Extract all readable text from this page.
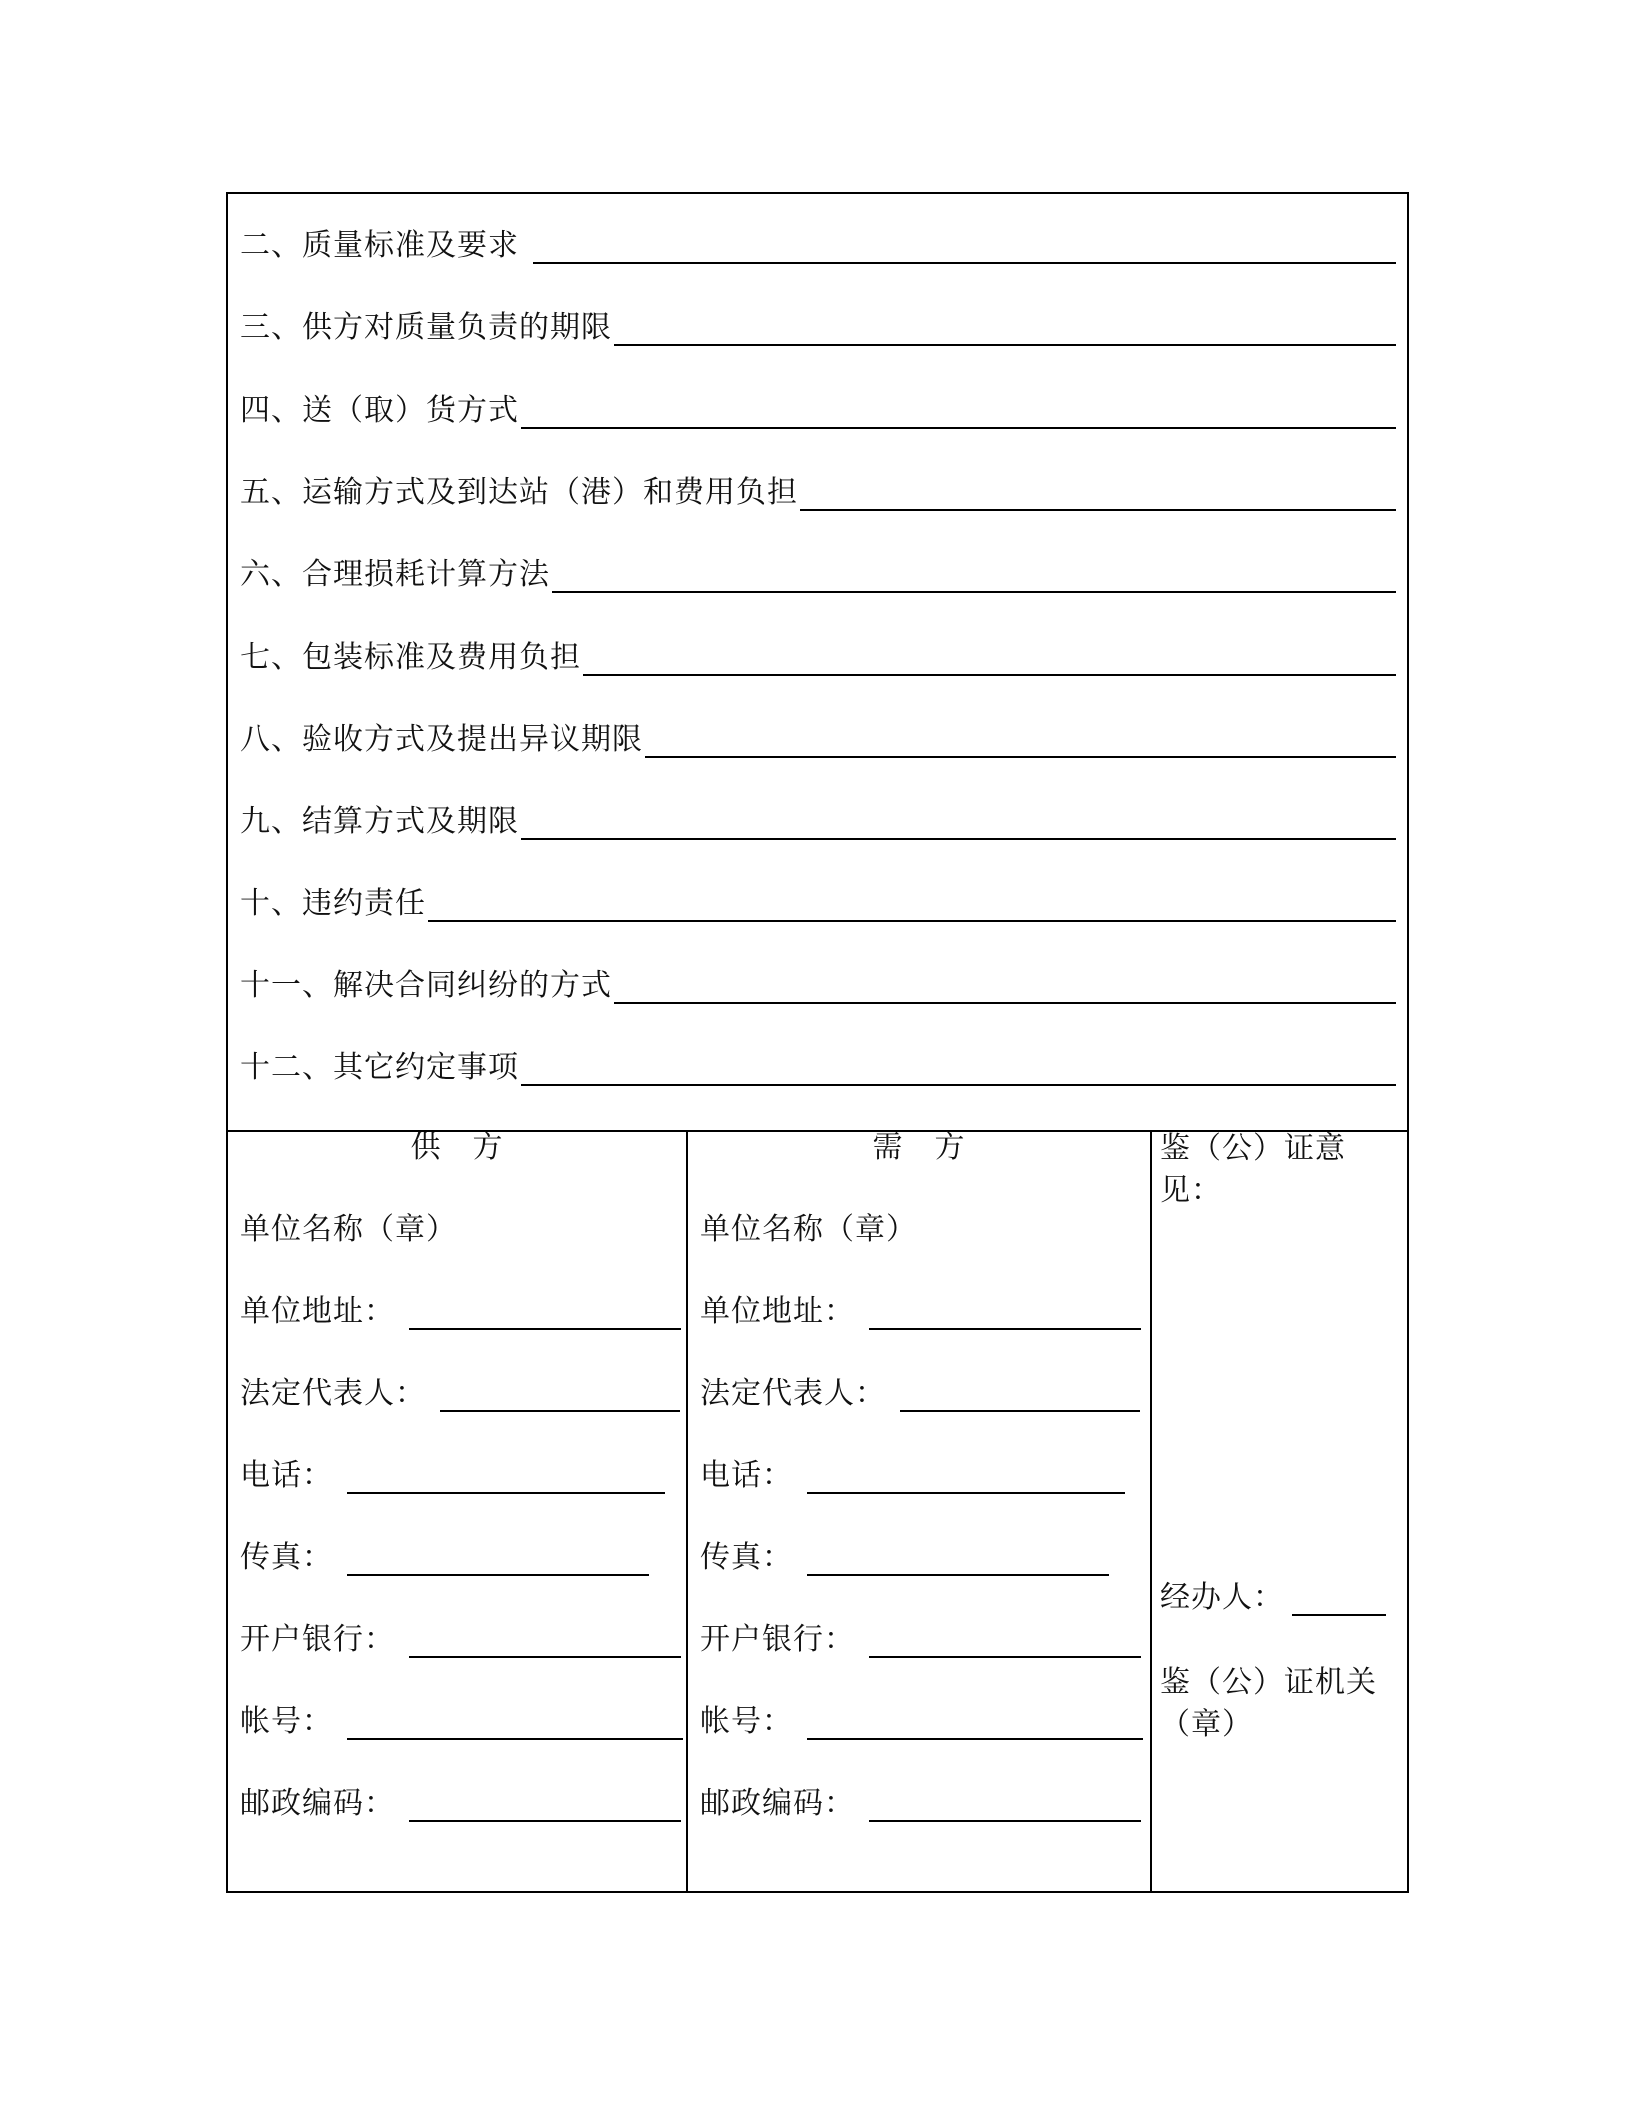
二、质量标准及要求
三、供方对质量负责的期限
四、送（取）货方式
五、运输方式及到达站（港）和费用负担
六、合理损耗计算方法
七、包装标准及费用负担
八、验收方式及提出异议期限
九、结算方式及期限
十、违约责任
十一、解决合同纠纷的方式
十二、其它约定事项
供　方
单位名称（章）
单位地址：
法定代表人：
电话：
传真：
开户银行：
帐号：
邮政编码：
需　方
单位名称（章）
单位地址：
法定代表人：
电话：
传真：
开户银行：
帐号：
邮政编码：
鉴（公）证意见：
经办人：
鉴（公）证机关
（章）
